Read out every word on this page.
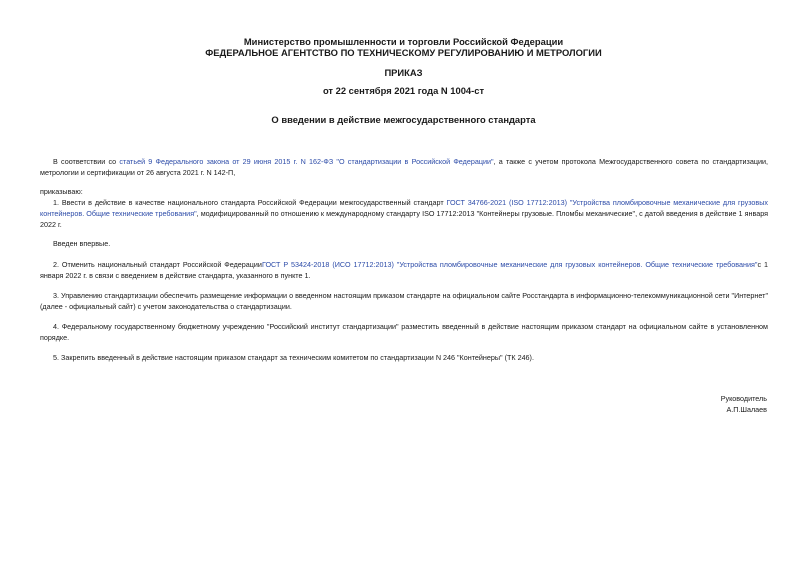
Министерство промышленности и торговли Российской Федерации
ФЕДЕРАЛЬНОЕ АГЕНТСТВО ПО ТЕХНИЧЕСКОМУ РЕГУЛИРОВАНИЮ И МЕТРОЛОГИИ
ПРИКАЗ
от 22 сентября 2021 года N 1004-ст
О введении в действие межгосударственного стандарта
В соответствии со статьей 9 Федерального закона от 29 июня 2015 г. N 162-ФЗ "О стандартизации в Российской Федерации", а также с учетом протокола Межгосударственного совета по стандартизации, метрологии и сертификации от 26 августа 2021 г. N 142-П,
приказываю:
1. Ввести в действие в качестве национального стандарта Российской Федерации межгосударственный стандарт ГОСТ 34766-2021 (ISO 17712:2013) "Устройства пломбировочные механические для грузовых контейнеров. Общие технические требования", модифицированный по отношению к международному стандарту ISO 17712:2013 "Контейнеры грузовые. Пломбы механические", с датой введения в действие 1 января 2022 г.
Введен впервые.
2. Отменить национальный стандарт Российской ФедерацииГОСТ Р 53424-2018 (ИСО 17712:2013) "Устройства пломбировочные механические для грузовых контейнеров. Общие технические требования"с 1 января 2022 г. в связи с введением в действие стандарта, указанного в пункте 1.
3. Управлению стандартизации обеспечить размещение информации о введенном настоящим приказом стандарте на официальном сайте Росстандарта в информационно-телекоммуникационной сети "Интернет" (далее - официальный сайт) с учетом законодательства о стандартизации.
4. Федеральному государственному бюджетному учреждению "Российский институт стандартизации" разместить введенный в действие настоящим приказом стандарт на официальном сайте в установленном порядке.
5. Закрепить введенный в действие настоящим приказом стандарт за техническим комитетом по стандартизации N 246 "Контейнеры" (ТК 246).
Руководитель
А.П.Шалаев
